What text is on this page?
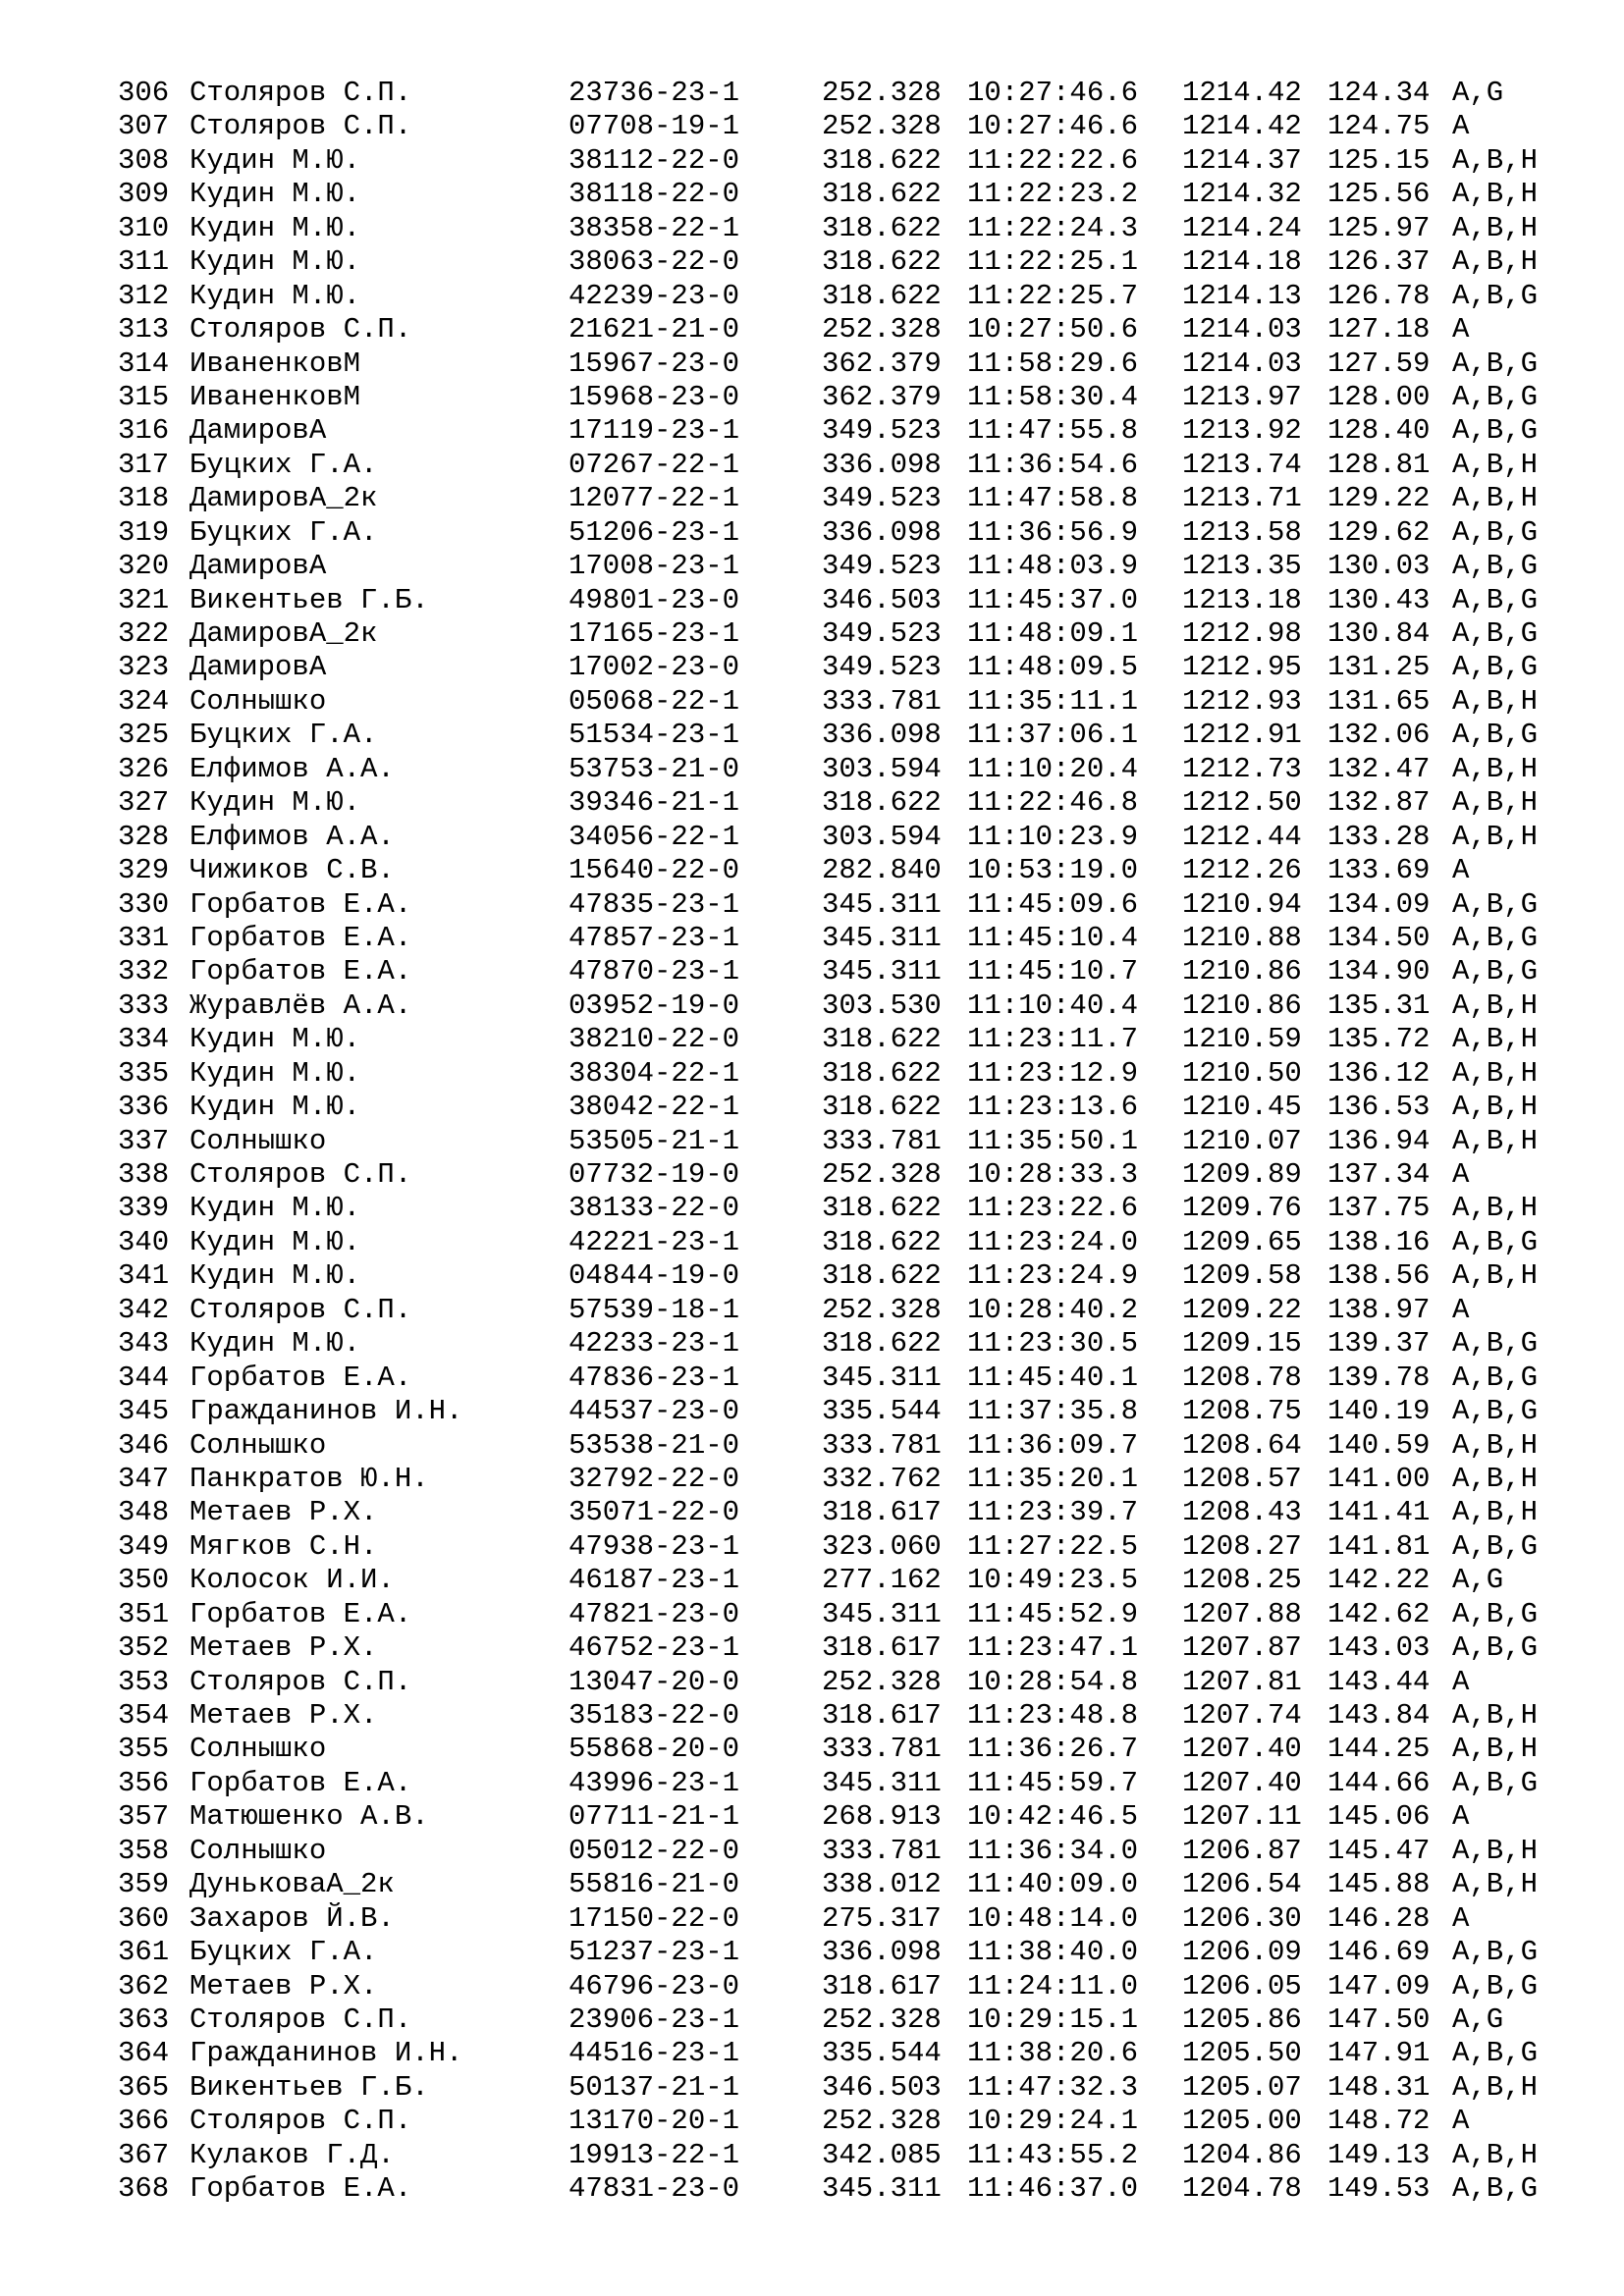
306 Столяров С.П.	23736-23-1	252.328 10:27:46.6	1214.42 124.34 A,G
307 Столяров С.П.	07708-19-1	252.328 10:27:46.6	1214.42 124.75 A
308 Кудин М.Ю.	38112-22-0	318.622 11:22:22.6	1214.37 125.15 A,B,H
309 Кудин М.Ю.	38118-22-0	318.622 11:22:23.2	1214.32 125.56 A,B,H
310 Кудин М.Ю.	38358-22-1	318.622 11:22:24.3	1214.24 125.97 A,B,H
311 Кудин М.Ю.	38063-22-0	318.622 11:22:25.1	1214.18 126.37 A,B,H
312 Кудин М.Ю.	42239-23-0	318.622 11:22:25.7	1214.13 126.78 A,B,G
313 Столяров С.П.	21621-21-0	252.328 10:27:50.6	1214.03 127.18 A
314 ИваненковМ	15967-23-0	362.379 11:58:29.6	1214.03 127.59 A,B,G
315 ИваненковМ	15968-23-0	362.379 11:58:30.4	1213.97 128.00 A,B,G
316 ДамировА	17119-23-1	349.523 11:47:55.8	1213.92 128.40 A,B,G
317 Буцких Г.А.	07267-22-1	336.098 11:36:54.6	1213.74 128.81 A,B,H
318 ДамировА_2к	12077-22-1	349.523 11:47:58.8	1213.71 129.22 A,B,H
319 Буцких Г.А.	51206-23-1	336.098 11:36:56.9	1213.58 129.62 A,B,G
320 ДамировА	17008-23-1	349.523 11:48:03.9	1213.35 130.03 A,B,G
321 Викентьев Г.Б.	49801-23-0	346.503 11:45:37.0	1213.18 130.43 A,B,G
322 ДамировА_2к	17165-23-1	349.523 11:48:09.1	1212.98 130.84 A,B,G
323 ДамировА	17002-23-0	349.523 11:48:09.5	1212.95 131.25 A,B,G
324 Солнышко	05068-22-1	333.781 11:35:11.1	1212.93 131.65 A,B,H
325 Буцких Г.А.	51534-23-1	336.098 11:37:06.1	1212.91 132.06 A,B,G
326 Елфимов А.А.	53753-21-0	303.594 11:10:20.4	1212.73 132.47 A,B,H
327 Кудин М.Ю.	39346-21-1	318.622 11:22:46.8	1212.50 132.87 A,B,H
328 Елфимов А.А.	34056-22-1	303.594 11:10:23.9	1212.44 133.28 A,B,H
329 Чижиков С.В.	15640-22-0	282.840 10:53:19.0	1212.26 133.69 A
330 Горбатов Е.А.	47835-23-1	345.311 11:45:09.6	1210.94 134.09 A,B,G
331 Горбатов Е.А.	47857-23-1	345.311 11:45:10.4	1210.88 134.50 A,B,G
332 Горбатов Е.А.	47870-23-1	345.311 11:45:10.7	1210.86 134.90 A,B,G
333 Журавлёв А.А.	03952-19-0	303.530 11:10:40.4	1210.86 135.31 A,B,H
334 Кудин М.Ю.	38210-22-0	318.622 11:23:11.7	1210.59 135.72 A,B,H
335 Кудин М.Ю.	38304-22-1	318.622 11:23:12.9	1210.50 136.12 A,B,H
336 Кудин М.Ю.	38042-22-1	318.622 11:23:13.6	1210.45 136.53 A,B,H
337 Солнышко	53505-21-1	333.781 11:35:50.1	1210.07 136.94 A,B,H
338 Столяров С.П.	07732-19-0	252.328 10:28:33.3	1209.89 137.34 A
339 Кудин М.Ю.	38133-22-0	318.622 11:23:22.6	1209.76 137.75 A,B,H
340 Кудин М.Ю.	42221-23-1	318.622 11:23:24.0	1209.65 138.16 A,B,G
341 Кудин М.Ю.	04844-19-0	318.622 11:23:24.9	1209.58 138.56 A,B,H
342 Столяров С.П.	57539-18-1	252.328 10:28:40.2	1209.22 138.97 A
343 Кудин М.Ю.	42233-23-1	318.622 11:23:30.5	1209.15 139.37 A,B,G
344 Горбатов Е.А.	47836-23-1	345.311 11:45:40.1	1208.78 139.78 A,B,G
345 Гражданинов И.Н.	44537-23-0	335.544 11:37:35.8	1208.75 140.19 A,B,G
346 Солнышко	53538-21-0	333.781 11:36:09.7	1208.64 140.59 A,B,H
347 Панкратов Ю.Н.	32792-22-0	332.762 11:35:20.1	1208.57 141.00 A,B,H
348 Метаев Р.Х.	35071-22-0	318.617 11:23:39.7	1208.43 141.41 A,B,H
349 Мягков С.Н.	47938-23-1	323.060 11:27:22.5	1208.27 141.81 A,B,G
350 Колосок И.И.	46187-23-1	277.162 10:49:23.5	1208.25 142.22 A,G
351 Горбатов Е.А.	47821-23-0	345.311 11:45:52.9	1207.88 142.62 A,B,G
352 Метаев Р.Х.	46752-23-1	318.617 11:23:47.1	1207.87 143.03 A,B,G
353 Столяров С.П.	13047-20-0	252.328 10:28:54.8	1207.81 143.44 A
354 Метаев Р.Х.	35183-22-0	318.617 11:23:48.8	1207.74 143.84 A,B,H
355 Солнышко	55868-20-0	333.781 11:36:26.7	1207.40 144.25 A,B,H
356 Горбатов Е.А.	43996-23-1	345.311 11:45:59.7	1207.40 144.66 A,B,G
357 Матюшенко А.В.	07711-21-1	268.913 10:42:46.5	1207.11 145.06 A
358 Солнышко	05012-22-0	333.781 11:36:34.0	1206.87 145.47 A,B,H
359 ДуньковаА_2к	55816-21-0	338.012 11:40:09.0	1206.54 145.88 A,B,H
360 Захаров Й.В.	17150-22-0	275.317 10:48:14.0	1206.30 146.28 A
361 Буцких Г.А.	51237-23-1	336.098 11:38:40.0	1206.09 146.69 A,B,G
362 Метаев Р.Х.	46796-23-0	318.617 11:24:11.0	1206.05 147.09 A,B,G
363 Столяров С.П.	23906-23-1	252.328 10:29:15.1	1205.86 147.50 A,G
364 Гражданинов И.Н.	44516-23-1	335.544 11:38:20.6	1205.50 147.91 A,B,G
365 Викентьев Г.Б.	50137-21-1	346.503 11:47:32.3	1205.07 148.31 A,B,H
366 Столяров С.П.	13170-20-1	252.328 10:29:24.1	1205.00 148.72 A
367 Кулаков Г.Д.	19913-22-1	342.085 11:43:55.2	1204.86 149.13 A,B,H
368 Горбатов Е.А.	47831-23-0	345.311 11:46:37.0	1204.78 149.53 A,B,G
